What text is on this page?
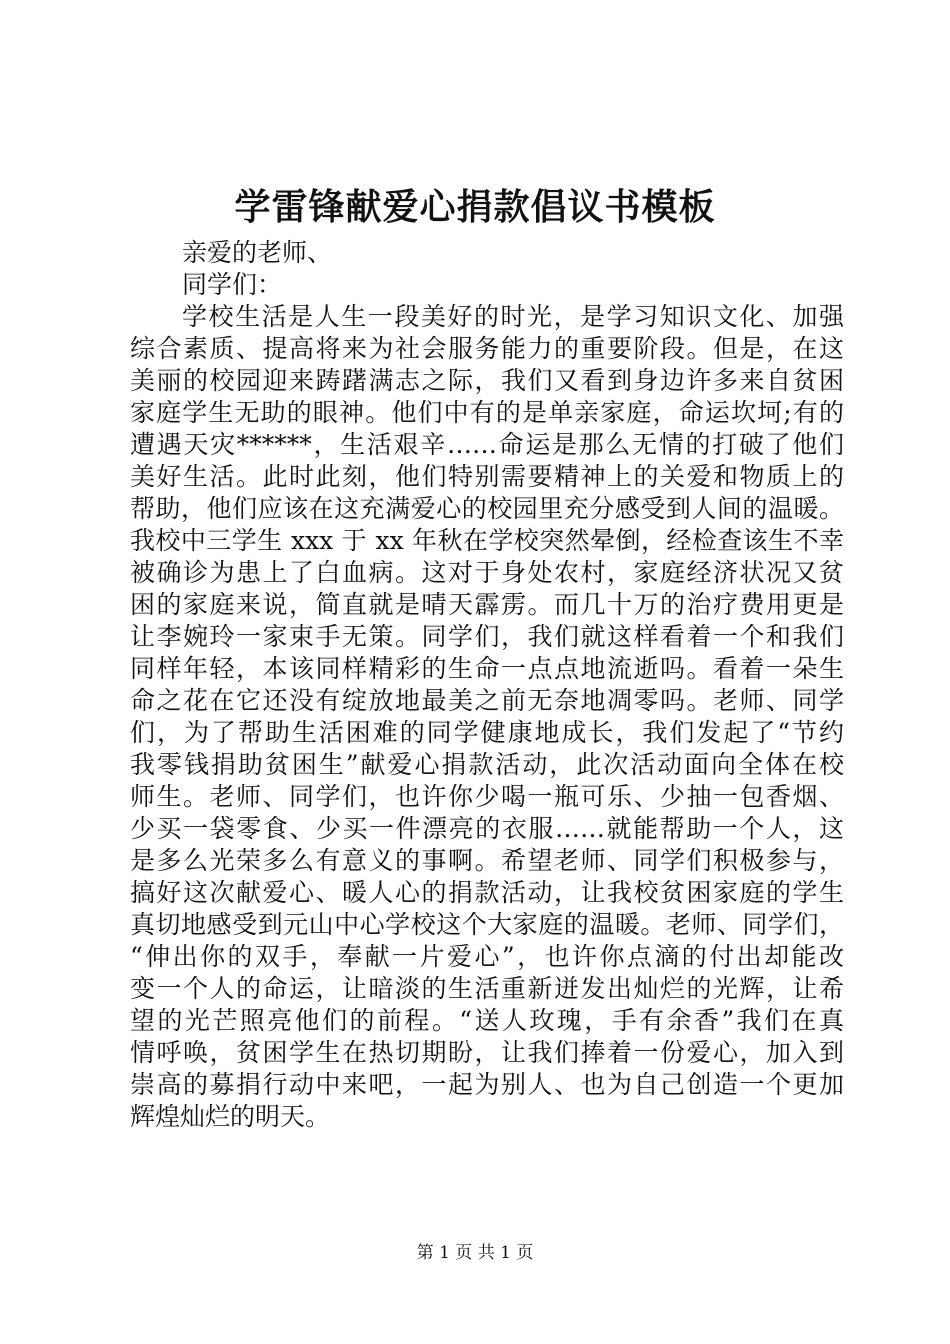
学雷锋献爱心捐款倡议书模板

亲爱的老师、

同学们：

学校生活是人生一段美好的时光，是学习知识文化、加强

综合素质、提高将来为社会服务能力的重要阶段。但是，在这

美丽的校园迎来踌躇满志之际，我们又看到身边许多来自贫困

家庭学生无助的眼神。他们中有的是单亲家庭，命运坎坷;有的

遭遇天灾******，生活艰辛……命运是那么无情的打破了他们

美好生活。此时此刻，他们特别需要精神上的关爱和物质上的

帮助，他们应该在这充满爱心的校园里充分感受到人间的温暖。

我校中三学生 xxx 于 xx 年秋在学校突然晕倒，经检查该生不幸

被确诊为患上了白血病。这对于身处农村，家庭经济状况又贫

困的家庭来说，简直就是晴天霹雳。而几十万的治疗费用更是

让李婉玲一家束手无策。同学们，我们就这样看着一个和我们

同样年轻，本该同样精彩的生命一点点地流逝吗。看着一朵生

命之花在它还没有绽放地最美之前无奈地凋零吗。老师、同学

们，为了帮助生活困难的同学健康地成长，我们发起了“节约

我零钱捐助贫困生”献爱心捐款活动，此次活动面向全体在校

师生。老师、同学们，也许你少喝一瓶可乐、少抽一包香烟、

少买一袋零食、少买一件漂亮的衣服……就能帮助一个人，这

是多么光荣多么有意义的事啊。希望老师、同学们积极参与，

搞好这次献爱心、暖人心的捐款活动，让我校贫困家庭的学生

真切地感受到元山中心学校这个大家庭的温暖。老师、同学们，

“伸出你的双手，奉献一片爱心”，也许你点滴的付出却能改

变一个人的命运，让暗淡的生活重新迸发出灿烂的光辉，让希

望的光芒照亮他们的前程。“送人玫瑰，手有余香”我们在真

情呼唤，贫困学生在热切期盼，让我们捧着一份爱心，加入到

崇高的募捐行动中来吧，一起为别人、也为自己创造一个更加

辉煌灿烂的明天。

第 1 页 共 1 页
